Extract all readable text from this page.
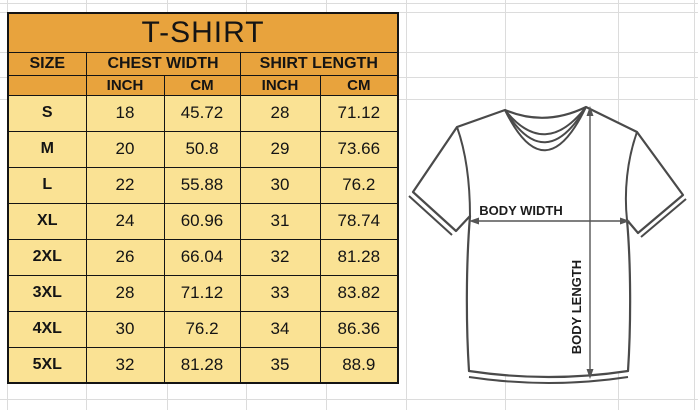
T-SHIRT				
SIZE	CHEST WIDTH		SHIRT LENGTH	
	INCH	CM	INCH	CM
S	18	45.72	28	71.12
M	20	50.8	29	73.66
L	22	55.88	30	76.2
XL	24	60.96	31	78.74
2XL	26	66.04	32	81.28
3XL	28	71.12	33	83.82
4XL	30	76.2	34	86.36
5XL	32	81.28	35	88.9
BODY WIDTH
BODY LENGTH
